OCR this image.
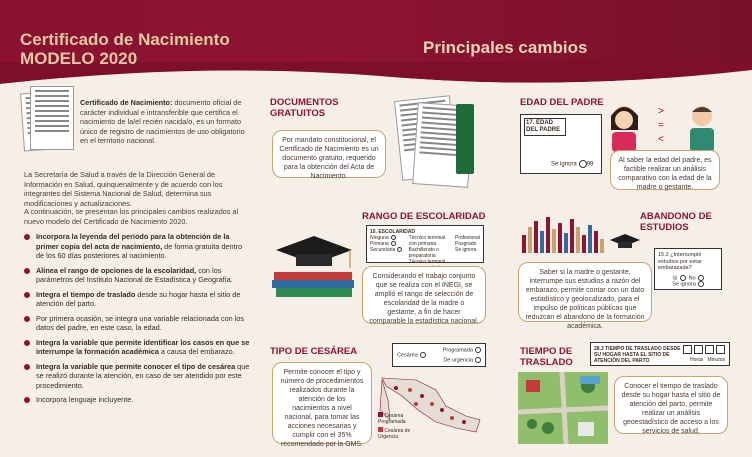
Certificado de Nacimiento
MODELO 2020
Principales cambios
Certificado de Nacimiento: documento oficial de carácter individual e intransferible que certifica el nacimiento de la/el recién nacida/o, es un formato único de registro de nacimientos de uso obligatorio en el territorio nacional.
La Secretaría de Salud a través de la Dirección General de Información en Salud, quinquenalmente y de acuerdo con los integrantes del Sistema Nacional de Salud, determina sus modificaciones y actualizaciones.
A continuación, se presentan los principales cambios realizados al nuevo modelo del Certificado de Nacimiento 2020.
Incorpora la leyenda del periodo para la obtención de la primer copia del acta de nacimiento, de forma gratuita dentro de los 60 días posteriores al nacimiento.
Alinea el rango de opciones de la escolaridad, con los parámetros del Instituto Nacional de Estadística y Geografía.
Integra el tiempo de traslado desde su hogar hasta el sitio de atención del parto.
Por primera ocasión, se integra una variable relacionada con los datos del padre, en este caso, la edad.
Integra la variable que permite identificar los casos en que se interrumpe la formación académica a causa del embarazo.
Integra la variable que permite conocer el tipo de cesárea que se realizó durante la atención, en caso de ser atendido por este procedimiento.
Incorpora lenguaje incluyente.
DOCUMENTOS GRATUITOS
Por mandato constitucional, el Certificado de Nacimiento es un documento gratuito, requerido para la obtención del Acta de Nacimiento.
EDAD DEL PADRE
17. EDAD DEL PADRE
Se ignora 99
>
=
<
Al saber la edad del padre, es factible realizar un análisis comparativo con la edad de la madre o gestante.
RANGO DE ESCOLARIDAD
15. ESCOLARIDAD
Ninguna
Primaria
Secundaria
Técnico terminal con primaria
Bachillerato o preparatoria
Técnico terminal
Profesional
Posgrado
Se ignora
Considerando el trabajo conjunto que se realiza con el INEGI, se amplió el rango de selección de escolaridad de la madre o gestante, a fin de hacer comparable la estadística nacional.
ABANDONO DE ESTUDIOS
15.2 ¿Interrumpió estudios por estar embarazada?
Sí No
Se ignora
Saber si la madre o gestante, interrumpe sus estudios a razón del embarazo, permite contar con un dato estadístico y geolocalizado, para el impulso de políticas públicas que reduzcan el abandono de la formación académica.
TIPO DE CESÁREA	Cesárea
Programada
De urgencia
Cesárea Programada
Cesárea de Urgencia
Permite conocer el tipo y número de procedimientos realizados durante la atención de los nacimientos a nivel nacional, para tomar las acciones necesarias y cumplir con el 35% recomendado por la OMS.
TIEMPO DE TRASLADO
28.3 TIEMPO DE TRASLADO DESDE SU HOGAR HASTA EL SITIO DE ATENCIÓN DEL PARTO	Horas Minutos
Conocer el tiempo de traslado desde su hogar hasta el sitio de atención del parto, permite realizar un análisis geoestadístico de acceso a los servicios de salud.
